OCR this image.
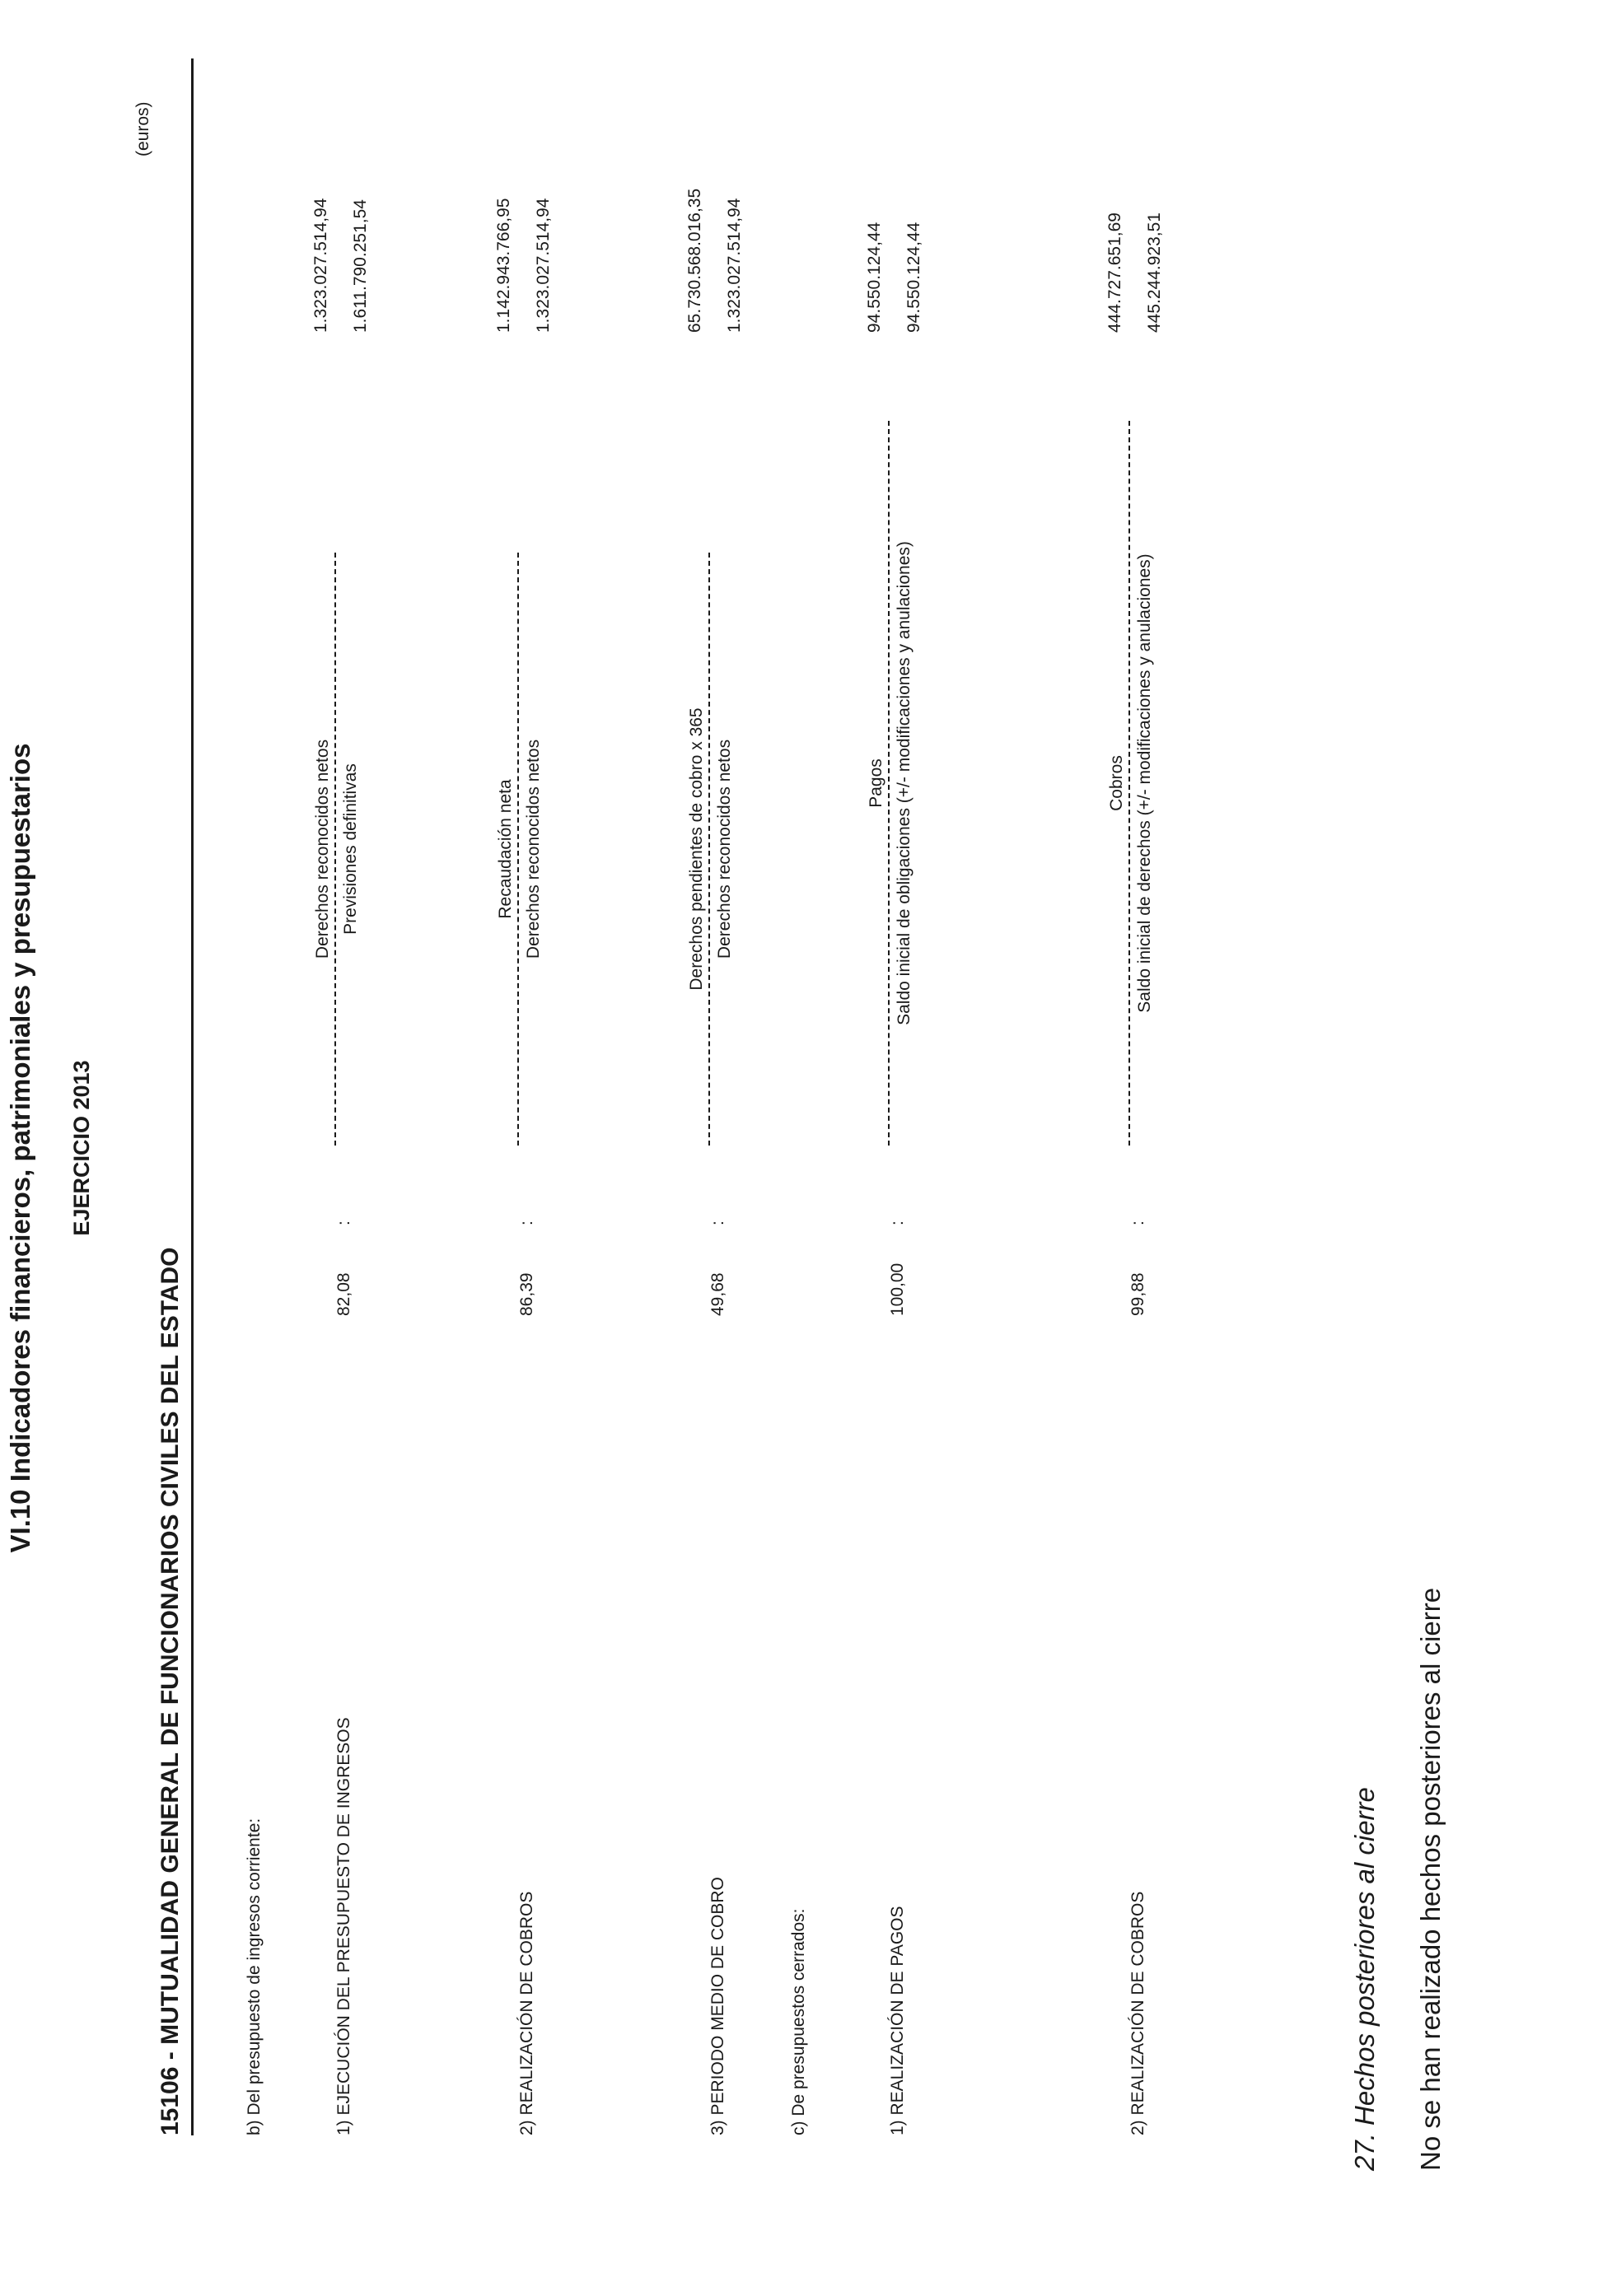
VI.10 Indicadores financieros, patrimoniales y presupuestarios EJERCICIO 2013
15106 - MUTUALIDAD GENERAL DE FUNCIONARIOS CIVILES DEL ESTADO
(euros)
b) Del presupuesto de ingresos corriente:	1) EJECUCIÓN DEL PRESUPUESTO DE INGRESOS
82,08
:
Derechos reconocidos netos Previsiones definitivas
1.323.027.514,94 1.611.790.251,54
2) REALIZACIÓN DE COBROS
86,39
:
Recaudación neta Derechos reconocidos netos
1.142.943.766,95 1.323.027.514,94
3) PERIODO MEDIO DE COBRO
49,68
:
Derechos pendientes de cobro x 365 Derechos reconocidos netos
65.730.568.016,35 1.323.027.514,94
c) De presupuestos cerrados:	1) REALIZACIÓN DE PAGOS
100,00
:
Pagos Saldo inicial de obligaciones (+/- modificaciones y anulaciones)
94.550.124,44 94.550.124,44
2) REALIZACIÓN DE COBROS
99,88
:
Cobros Saldo inicial de derechos (+/- modificaciones y anulaciones)
444.727.651,69 445.244.923,51
27. Hechos posteriores al cierre No se han realizado hechos posteriores al cierre
